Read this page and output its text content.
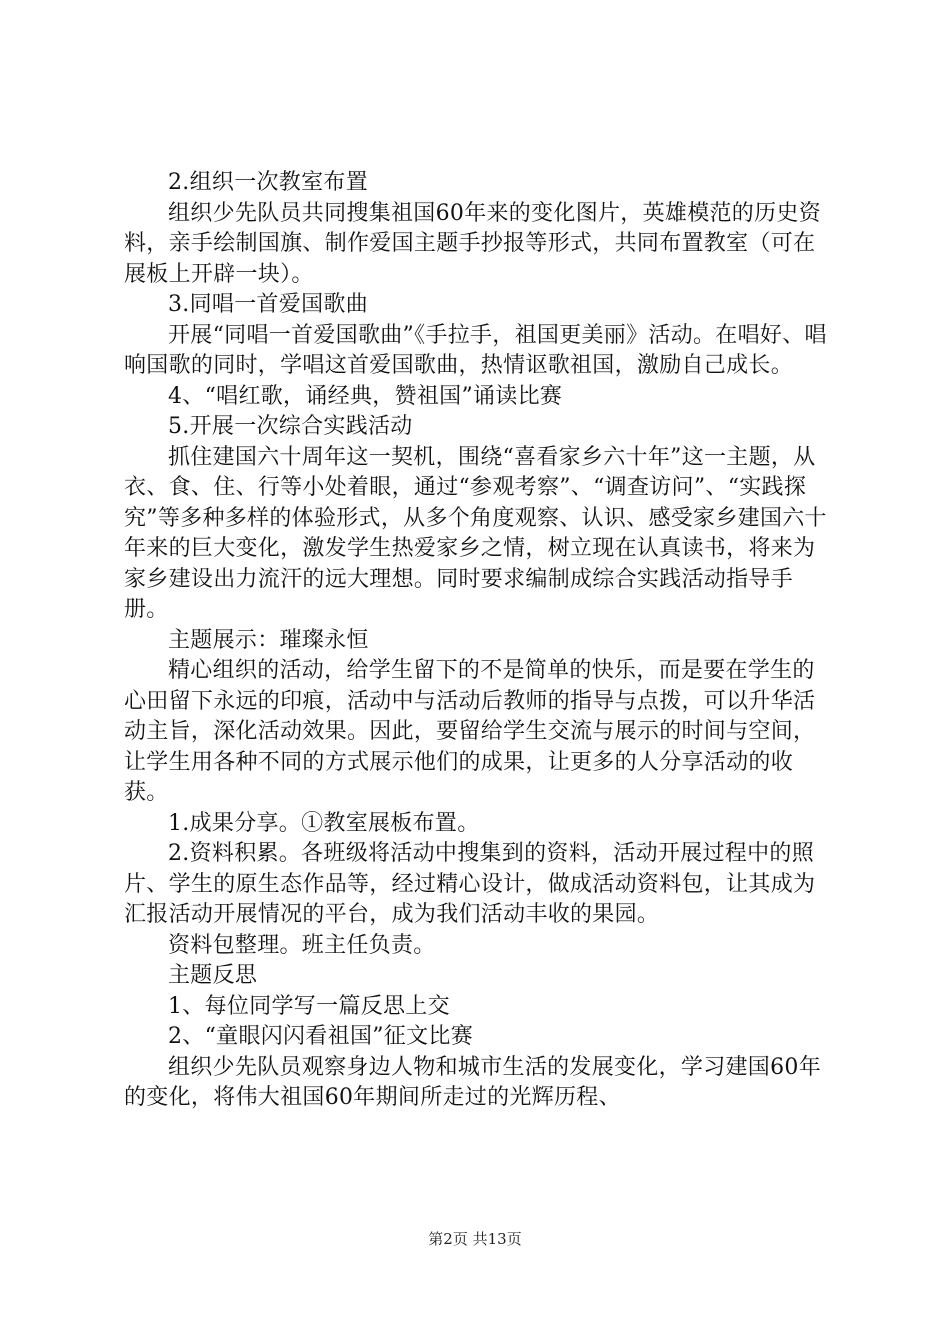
2.组织一次教室布置

组织少先队员共同搜集祖国60年来的变化图片，英雄模范的历史资料，亲手绘制国旗、制作爱国主题手抄报等形式，共同布置教室（可在展板上开辟一块）。

3.同唱一首爱国歌曲

开展“同唱一首爱国歌曲”《手拉手，祖国更美丽》活动。在唱好、唱响国歌的同时，学唱这首爱国歌曲，热情讴歌祖国，激励自己成长。

4、“唱红歌，诵经典，赞祖国”诵读比赛

5.开展一次综合实践活动

抓住建国六十周年这一契机，围绕“喜看家乡六十年”这一主题，从衣、食、住、行等小处着眼，通过“参观考察”、“调查访问”、“实践探究”等多种多样的体验形式，从多个角度观察、认识、感受家乡建国六十年来的巨大变化，激发学生热爱家乡之情，树立现在认真读书，将来为家乡建设出力流汗的远大理想。同时要求编制成综合实践活动指导手册。

主题展示：璀璨永恒

精心组织的活动，给学生留下的不是简单的快乐，而是要在学生的心田留下永远的印痕，活动中与活动后教师的指导与点拨，可以升华活动主旨，深化活动效果。因此，要留给学生交流与展示的时间与空间，让学生用各种不同的方式展示他们的成果，让更多的人分享活动的收获。

1.成果分享。①教室展板布置。

2.资料积累。各班级将活动中搜集到的资料，活动开展过程中的照片、学生的原生态作品等，经过精心设计，做成活动资料包，让其成为汇报活动开展情况的平台，成为我们活动丰收的果园。

资料包整理。班主任负责。

主题反思

1、每位同学写一篇反思上交

2、“童眼闪闪看祖国”征文比赛

组织少先队员观察身边人物和城市生活的发展变化，学习建国60年的变化，将伟大祖国60年期间所走过的光辉历程、

第2页 共13页
